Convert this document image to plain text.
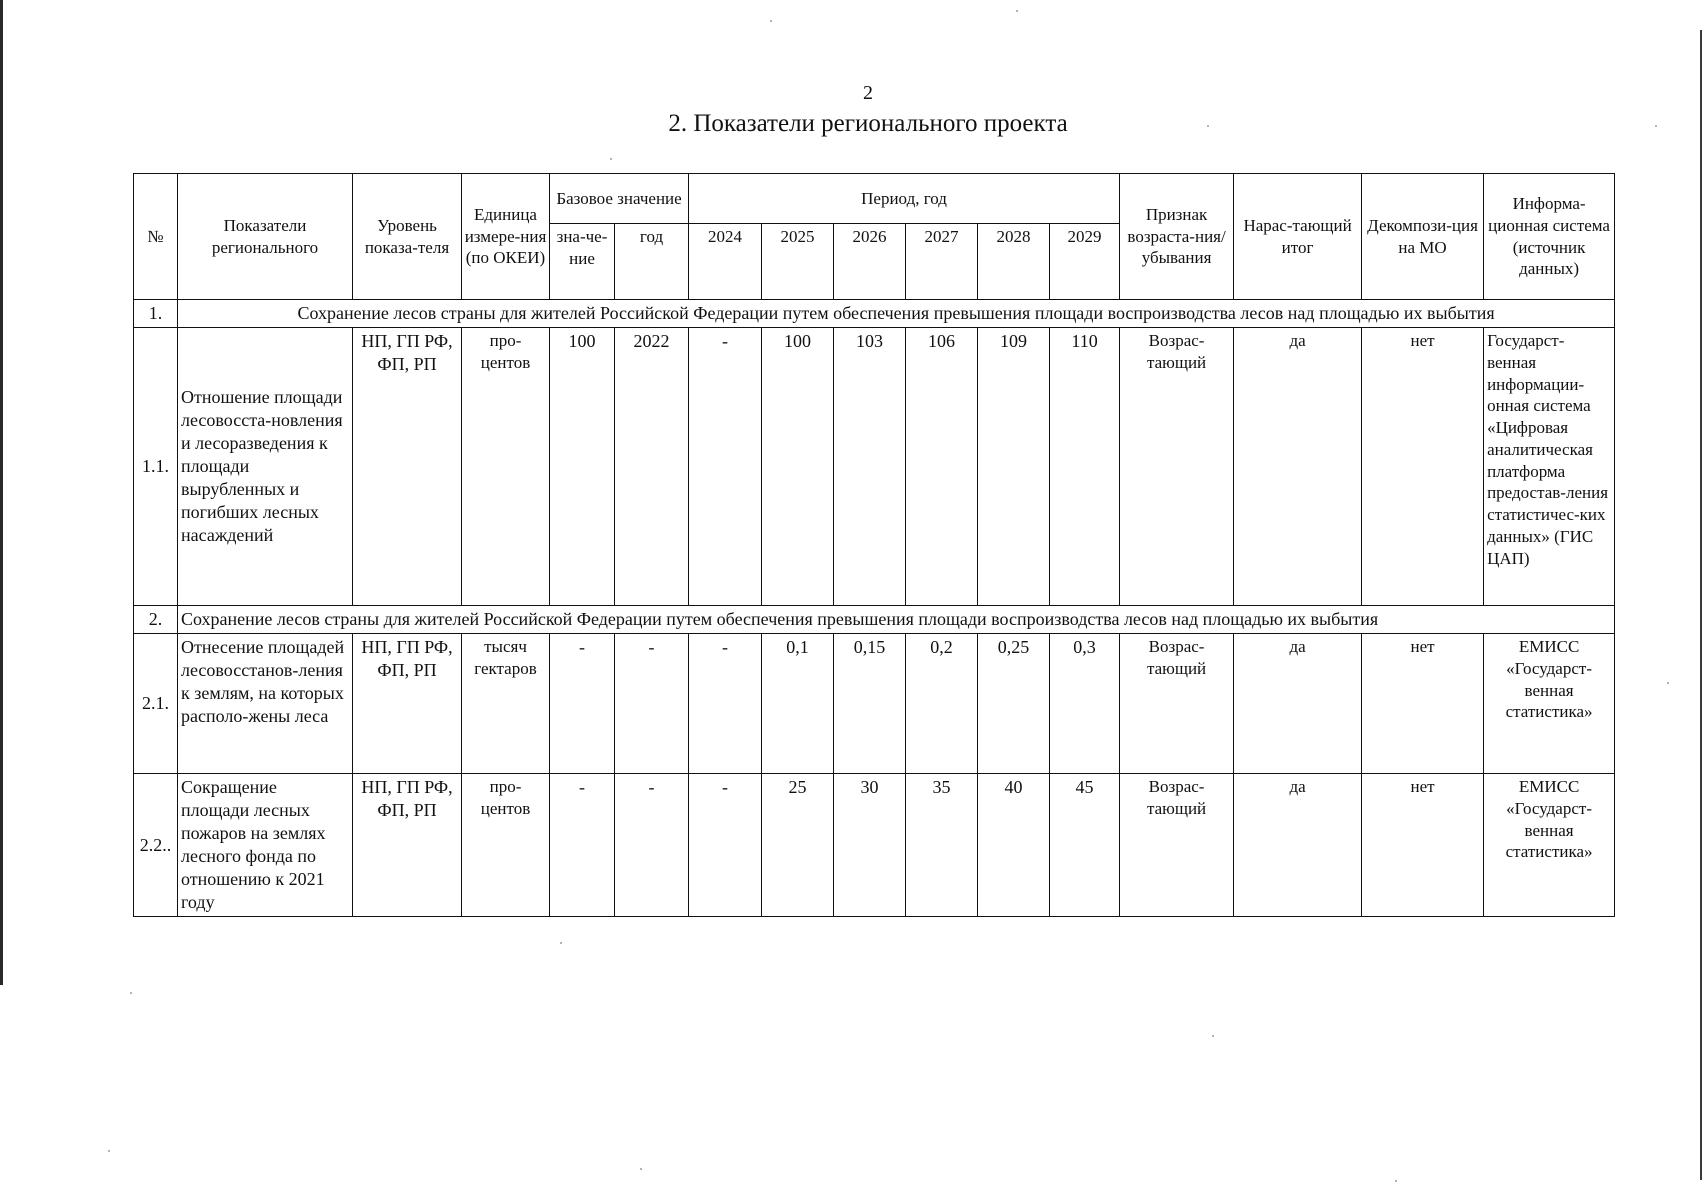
2
2. Показатели регионального проекта
№	Показатели регионального	Уровень показа-теля	Единица измере-ния (по ОКЕИ)	Базовое значение		Период, год						Признак возраста-ния/ убывания	Нарас-тающий итог	Декомпози-ция на МО	Информа-ционная система (источник данных)
				зна-че-ние	год	2024	2025	2026	2027	2028	2029				
1.	Сохранение лесов страны для жителей Российской Федерации путем обеспечения превышения площади воспроизводства лесов над площадью их выбытия														
1.1.	Отношение площади лесовосста-новления и лесоразведения к площади вырубленных и погибших лесных насаждений	НП, ГП РФ, ФП, РП	про-центов	100	2022	-	100	103	106	109	110	Возрас-тающий	да	нет	Государст-венная информации-онная система «Цифровая аналитическая платформа предостав-ления статистичес-ких данных» (ГИС ЦАП)
2.	Сохранение лесов страны для жителей Российской Федерации путем обеспечения превышения площади воспроизводства лесов над площадью их выбытия														
2.1.	Отнесение площадей лесовосстанов-ления к землям, на которых располо-жены леса	НП, ГП РФ, ФП, РП	тысяч гектаров	-	-	-	0,1	0,15	0,2	0,25	0,3	Возрас-тающий	да	нет	ЕМИСС «Государст-венная статистика»
2.2..	Сокращение площади лесных пожаров на землях лесного фонда по отношению к 2021 году	НП, ГП РФ, ФП, РП	про-центов	-	-	-	25	30	35	40	45	Возрас-тающий	да	нет	ЕМИСС «Государст-венная статистика»
